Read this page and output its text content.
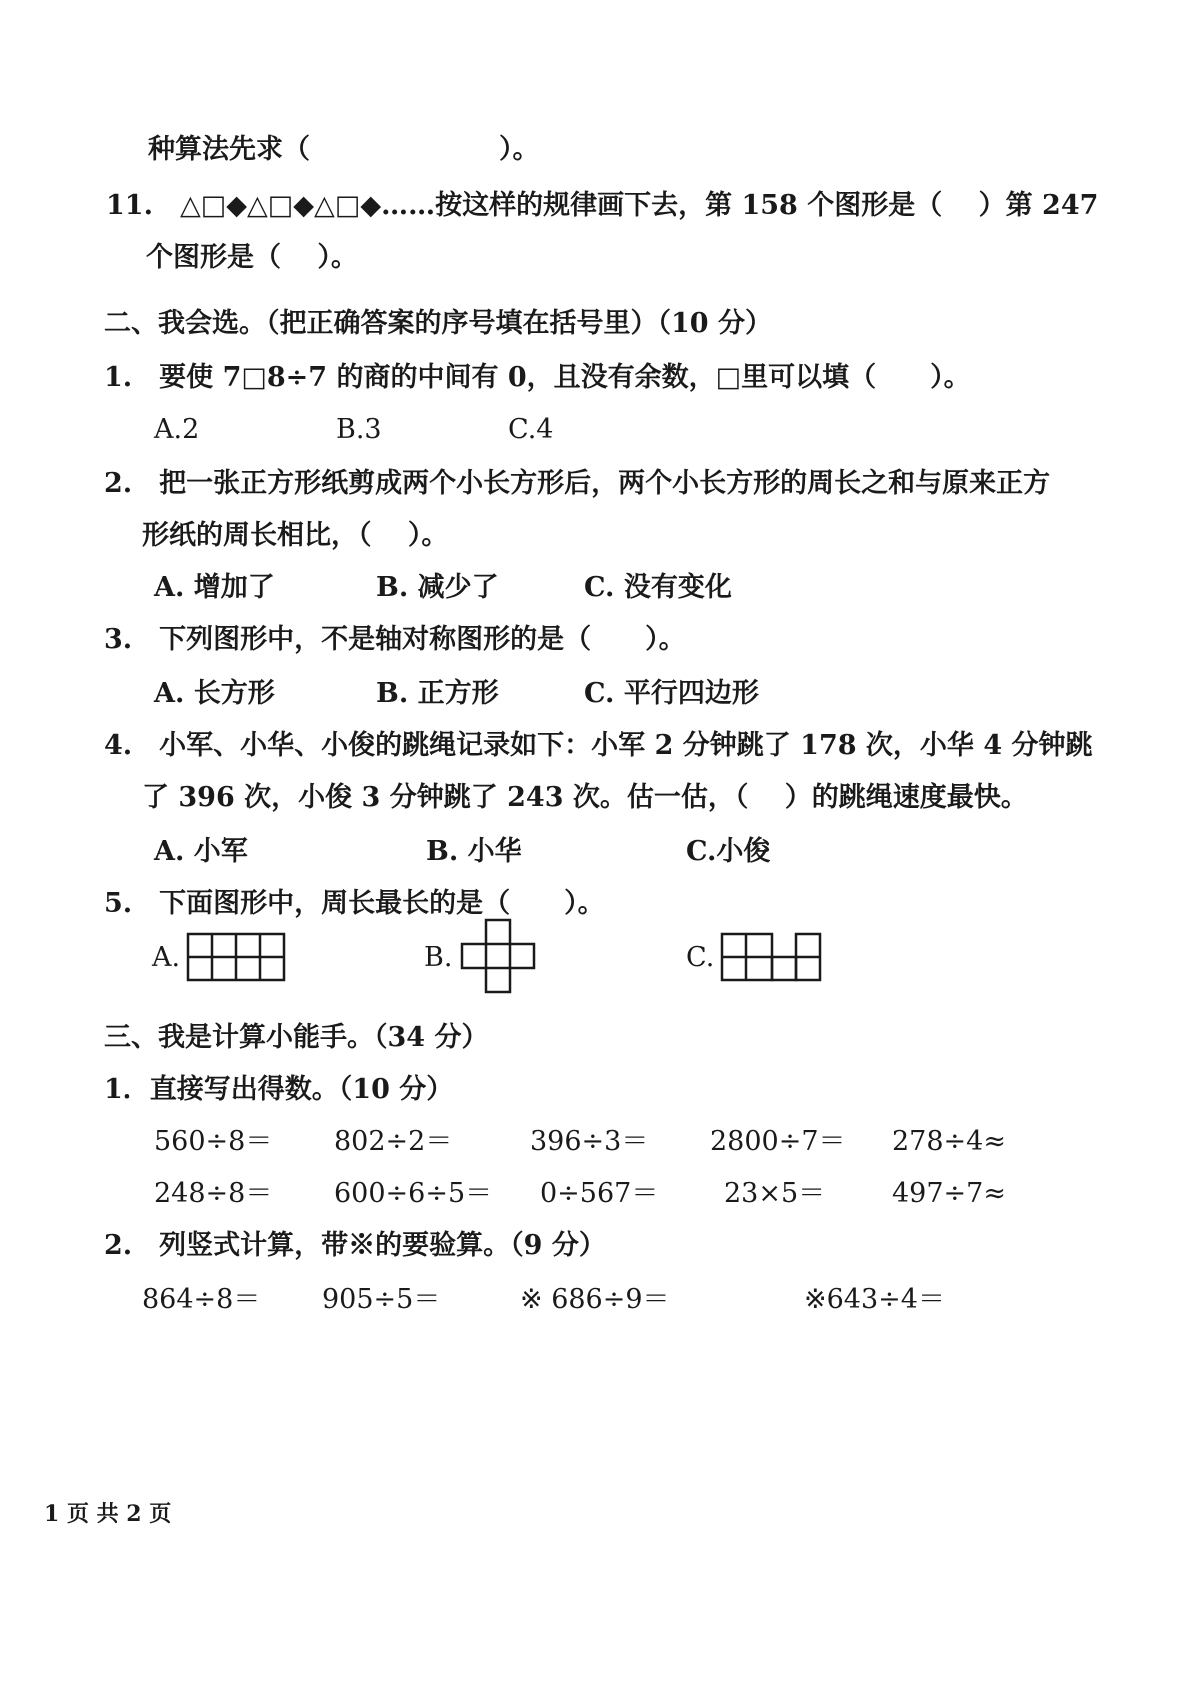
种算法先求（　　　　　　　）。
11.　△□◆△□◆△□◆……按这样的规律画下去，第 158 个图形是（　 ）第 247
个图形是（　 ）。
二、我会选。（把正确答案的序号填在括号里）（10 分）
1.　要使 7□8÷7 的商的中间有 0，且没有余数，□里可以填（　　）。
A.2	B.3	C.4
2.　把一张正方形纸剪成两个小长方形后，两个小长方形的周长之和与原来正方
形纸的周长相比，（　 ）。
A. 增加了	B. 减少了	C. 没有变化
3.　下列图形中，不是轴对称图形的是（　　）。
A. 长方形	B. 正方形	C. 平行四边形
4.　小军、小华、小俊的跳绳记录如下：小军 2 分钟跳了 178 次，小华 4 分钟跳
了 396 次，小俊 3 分钟跳了 243 次。估一估，（　 ）的跳绳速度最快。
A. 小军	B. 小华	C.小俊
5.　下面图形中，周长最长的是（　　）。
A.	B.	C.
三、我是计算小能手。（34 分）
1．直接写出得数。（10 分）
560÷8＝ 802÷2＝	396÷3＝ 2800÷7＝ 278÷4≈
248÷8＝ 600÷6÷5＝ 0÷567＝ 23×5＝ 497÷7≈
2.　列竖式计算，带※的要验算。（9 分）
864÷8＝ 905÷5＝	※ 686÷9＝	※643÷4＝
1 页 共 2 页
